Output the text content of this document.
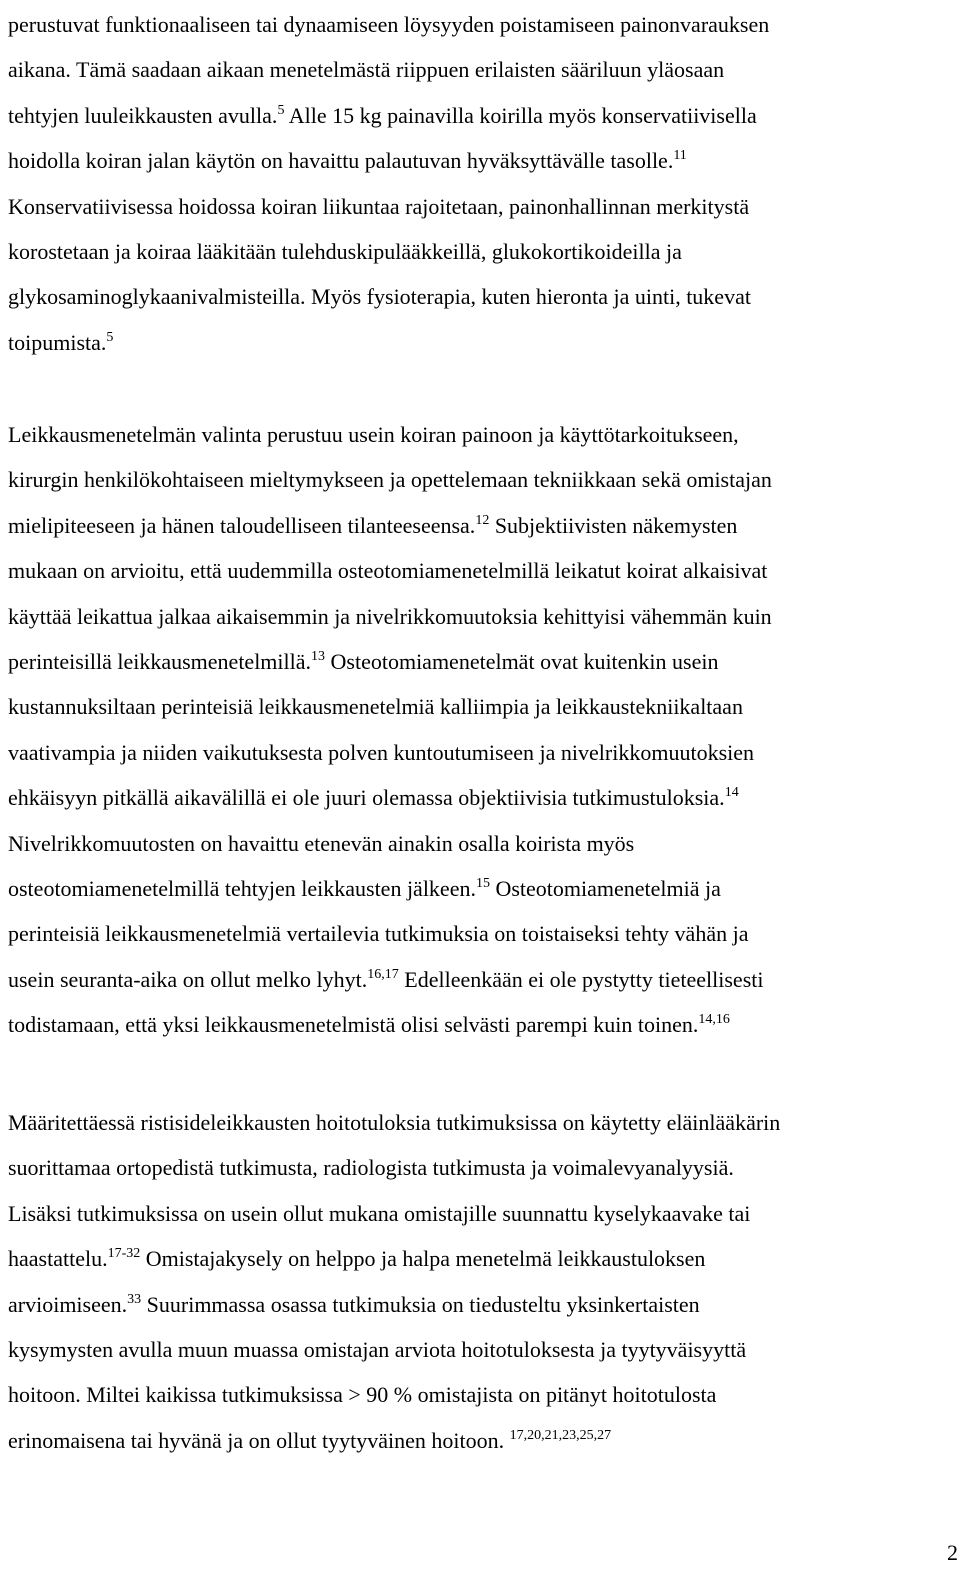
perustuvat funktionaaliseen tai dynaamiseen löysyyden poistamiseen painonvarauksen
aikana. Tämä saadaan aikaan menetelmästä riippuen erilaisten sääriluun yläosaan
tehtyjen luuleikkausten avulla.$^5$ Alle 15 kg painavilla koirilla myös konservatiivisella
hoidolla koiran jalan käytön on havaittu palautuvan hyväksyttävälle tasolle.$^{11}$
Konservatiivisessa hoidossa koiran liikuntaa rajoitetaan, painonhallinnan merkitystä
korostetaan ja koiraa lääkitään tulehduskipulääkkeillä, glukokortikoideilla ja
glykosaminoglykaanivalmisteilla. Myös fysioterapia, kuten hieronta ja uinti, tukevat
toipumista.$^5$
Leikkausmenetelmän valinta perustuu usein koiran painoon ja käyttötarkoitukseen,
kirurgin henkilökohtaiseen mieltymykseen ja opettelemaan tekniikkaan sekä omistajan
mielipiteeseen ja hänen taloudelliseen tilanteeseensa.$^{12}$ Subjektiivisten näkemysten
mukaan on arvioitu, että uudemmilla osteotomiamenetelmillä leikatut koirat alkaisivat
käyttää leikattua jalkaa aikaisemmin ja nivelrikkomuutoksia kehittyisi vähemmän kuin
perinteisillä leikkausmenetelmillä.$^{13}$ Osteotomiamenetelmät ovat kuitenkin usein
kustannuksiltaan perinteisiä leikkausmenetelmiä kalliimpia ja leikkaustekniikaltaan
vaativampia ja niiden vaikutuksesta polven kuntoutumiseen ja nivelrikkomuutoksien
ehkäisyyn pitkällä aikavälillä ei ole juuri olemassa objektiivisia tutkimustuloksia.$^{14}$
Nivelrikkomuutosten on havaittu etenevän ainakin osalla koirista myös
osteotomiamenetelmillä tehtyjen leikkausten jälkeen.$^{15}$ Osteotomiamenetelmiä ja
perinteisiä leikkausmenetelmiä vertailevia tutkimuksia on toistaiseksi tehty vähän ja
usein seuranta-aika on ollut melko lyhyt.$^{16,17}$ Edelleenkään ei ole pystytty tieteellisesti
todistamaan, että yksi leikkausmenetelmistä olisi selvästi parempi kuin toinen.$^{14,16}$
Määritettäessä ristisideleikkausten hoitotuloksia tutkimuksissa on käytetty eläinlääkärin
suorittamaa ortopedistä tutkimusta, radiologista tutkimusta ja voimalevyanalyysiä.
Lisäksi tutkimuksissa on usein ollut mukana omistajille suunnattu kyselykaavake tai
haastattelu.$^{17-32}$ Omistajakysely on helppo ja halpa menetelmä leikkaustuloksen
arvioimiseen.$^{33}$ Suurimmassa osassa tutkimuksia on tiedusteltu yksinkertaisten
kysymysten avulla muun muassa omistajan arviota hoitotuloksesta ja tyytyväisyyttä
hoitoon. Miltei kaikissa tutkimuksissa > 90 % omistajista on pitänyt hoitotulosta
erinomaisena tai hyvänä ja on ollut tyytyväinen hoitoon. $^{17,20,21,23,25,27}$
2
